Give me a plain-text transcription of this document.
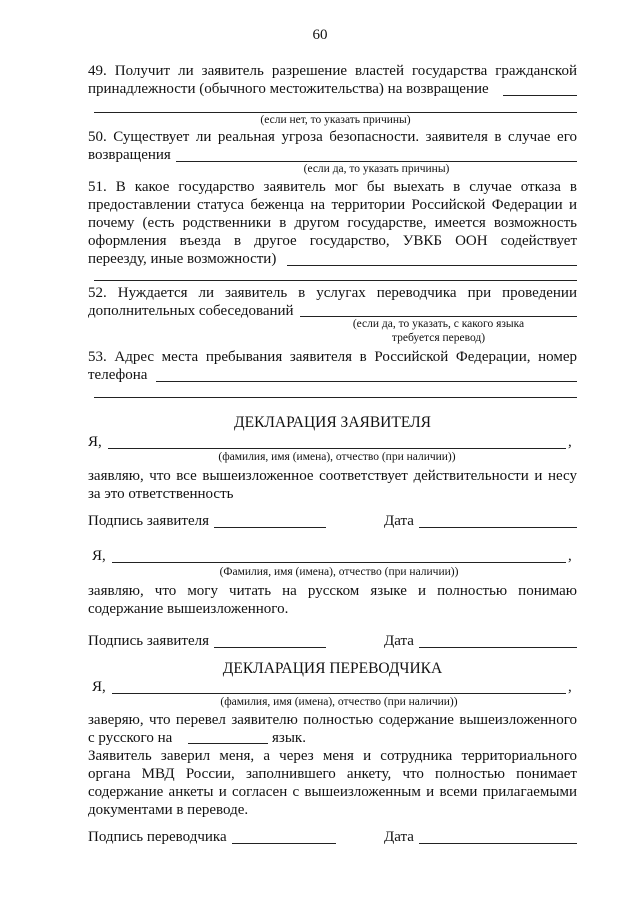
60
49. Получит ли заявитель разрешение властей государства гражданской
принадлежности (обычного местожительства) на возвращение
(если нет, то указать причины)
50. Существует ли реальная угроза безопасности. заявителя в случае его
возвращения
(если да, то указать причины)
51. В какое государство заявитель мог бы выехать в случае отказа в
предоставлении статуса беженца на территории Российской Федерации и
почему (есть родственники в другом государстве, имеется возможность
оформления въезда в другое государство, УВКБ ООН содействует
переезду, иные возможности)
52. Нуждается ли заявитель в услугах переводчика при проведении
дополнительных собеседований
(если да, то указать, с какого языка
требуется перевод)
53. Адрес места пребывания заявителя в Российской Федерации, номер
телефона
ДЕКЛАРАЦИЯ ЗАЯВИТЕЛЯ
Я,	,
(фамилия, имя (имена), отчество (при наличии))
заявляю, что все вышеизложенное соответствует действительности и несу
за это ответственность
Подпись заявителя	Дата
Я,	,
(Фамилия, имя (имена), отчество (при наличии))
заявляю, что могу читать на русском языке и полностью понимаю
содержание вышеизложенного.
Подпись заявителя	Дата
ДЕКЛАРАЦИЯ ПЕРЕВОДЧИКА
Я,	,
(фамилия, имя (имена), отчество (при наличии))
заверяю, что перевел заявителю полностью содержание вышеизложенного
с русского на	язык.
Заявитель заверил меня, а через меня и сотрудника территориального
органа МВД России, заполнившего анкету, что полностью понимает
содержание анкеты и согласен с вышеизложенным и всеми прилагаемыми
документами в переводе.
Подпись переводчика	Дата
